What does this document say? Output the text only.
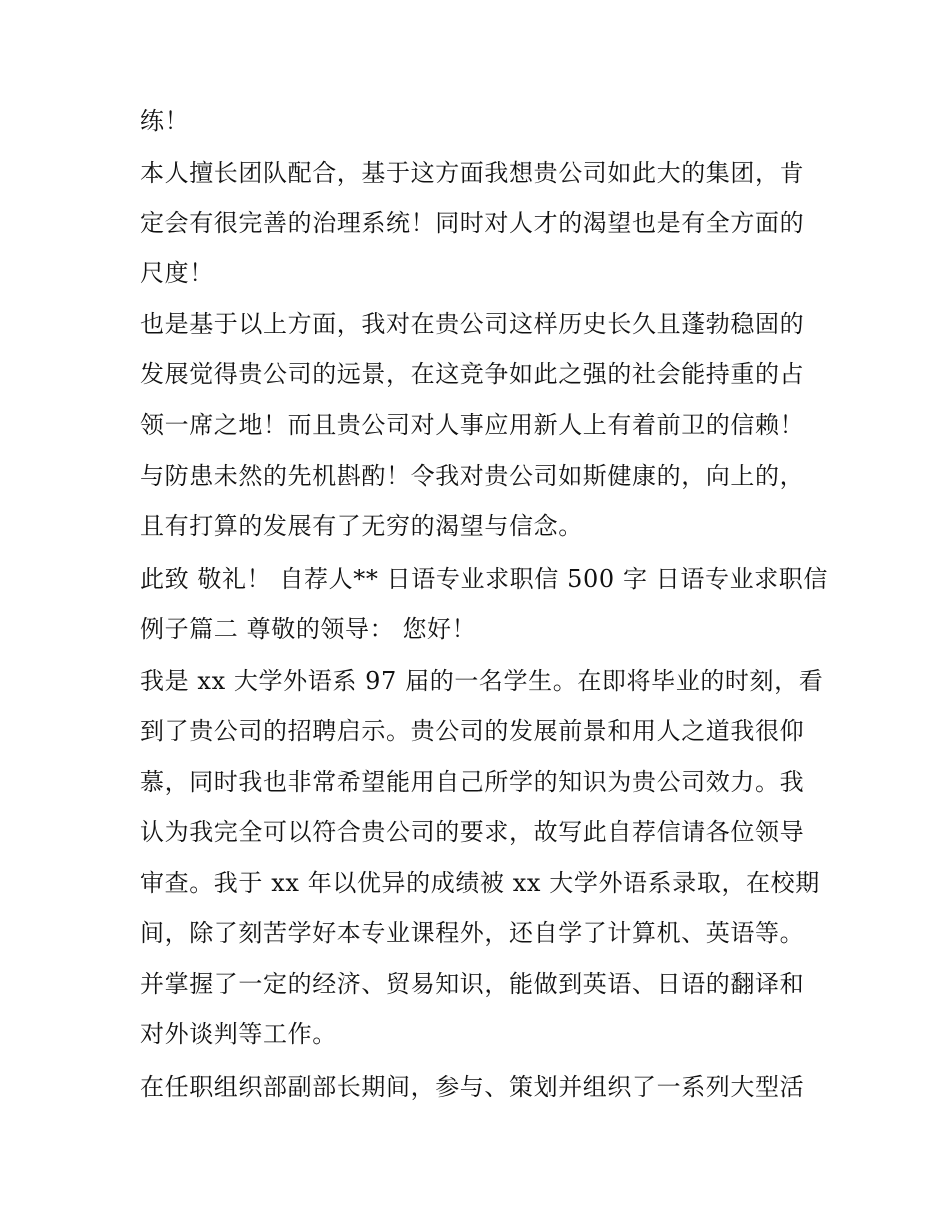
练！
本人擅长团队配合，基于这方面我想贵公司如此大的集团，肯
定会有很完善的治理系统！同时对人才的渴望也是有全方面的
尺度！
也是基于以上方面，我对在贵公司这样历史长久且蓬勃稳固的
发展觉得贵公司的远景，在这竞争如此之强的社会能持重的占
领一席之地！而且贵公司对人事应用新人上有着前卫的信赖！
与防患未然的先机斟酌！令我对贵公司如斯健康的，向上的，
且有打算的发展有了无穷的渴望与信念。
此致 敬礼！ 自荐人** 日语专业求职信 500 字 日语专业求职信
例子篇二 尊敬的领导： 您好！
我是 xx 大学外语系 97 届的一名学生。在即将毕业的时刻，看
到了贵公司的招聘启示。贵公司的发展前景和用人之道我很仰
慕，同时我也非常希望能用自己所学的知识为贵公司效力。我
认为我完全可以符合贵公司的要求，故写此自荐信请各位领导
审查。我于 xx 年以优异的成绩被 xx 大学外语系录取，在校期
间，除了刻苦学好本专业课程外，还自学了计算机、英语等。
并掌握了一定的经济、贸易知识，能做到英语、日语的翻译和
对外谈判等工作。
在任职组织部副部长期间，参与、策划并组织了一系列大型活
